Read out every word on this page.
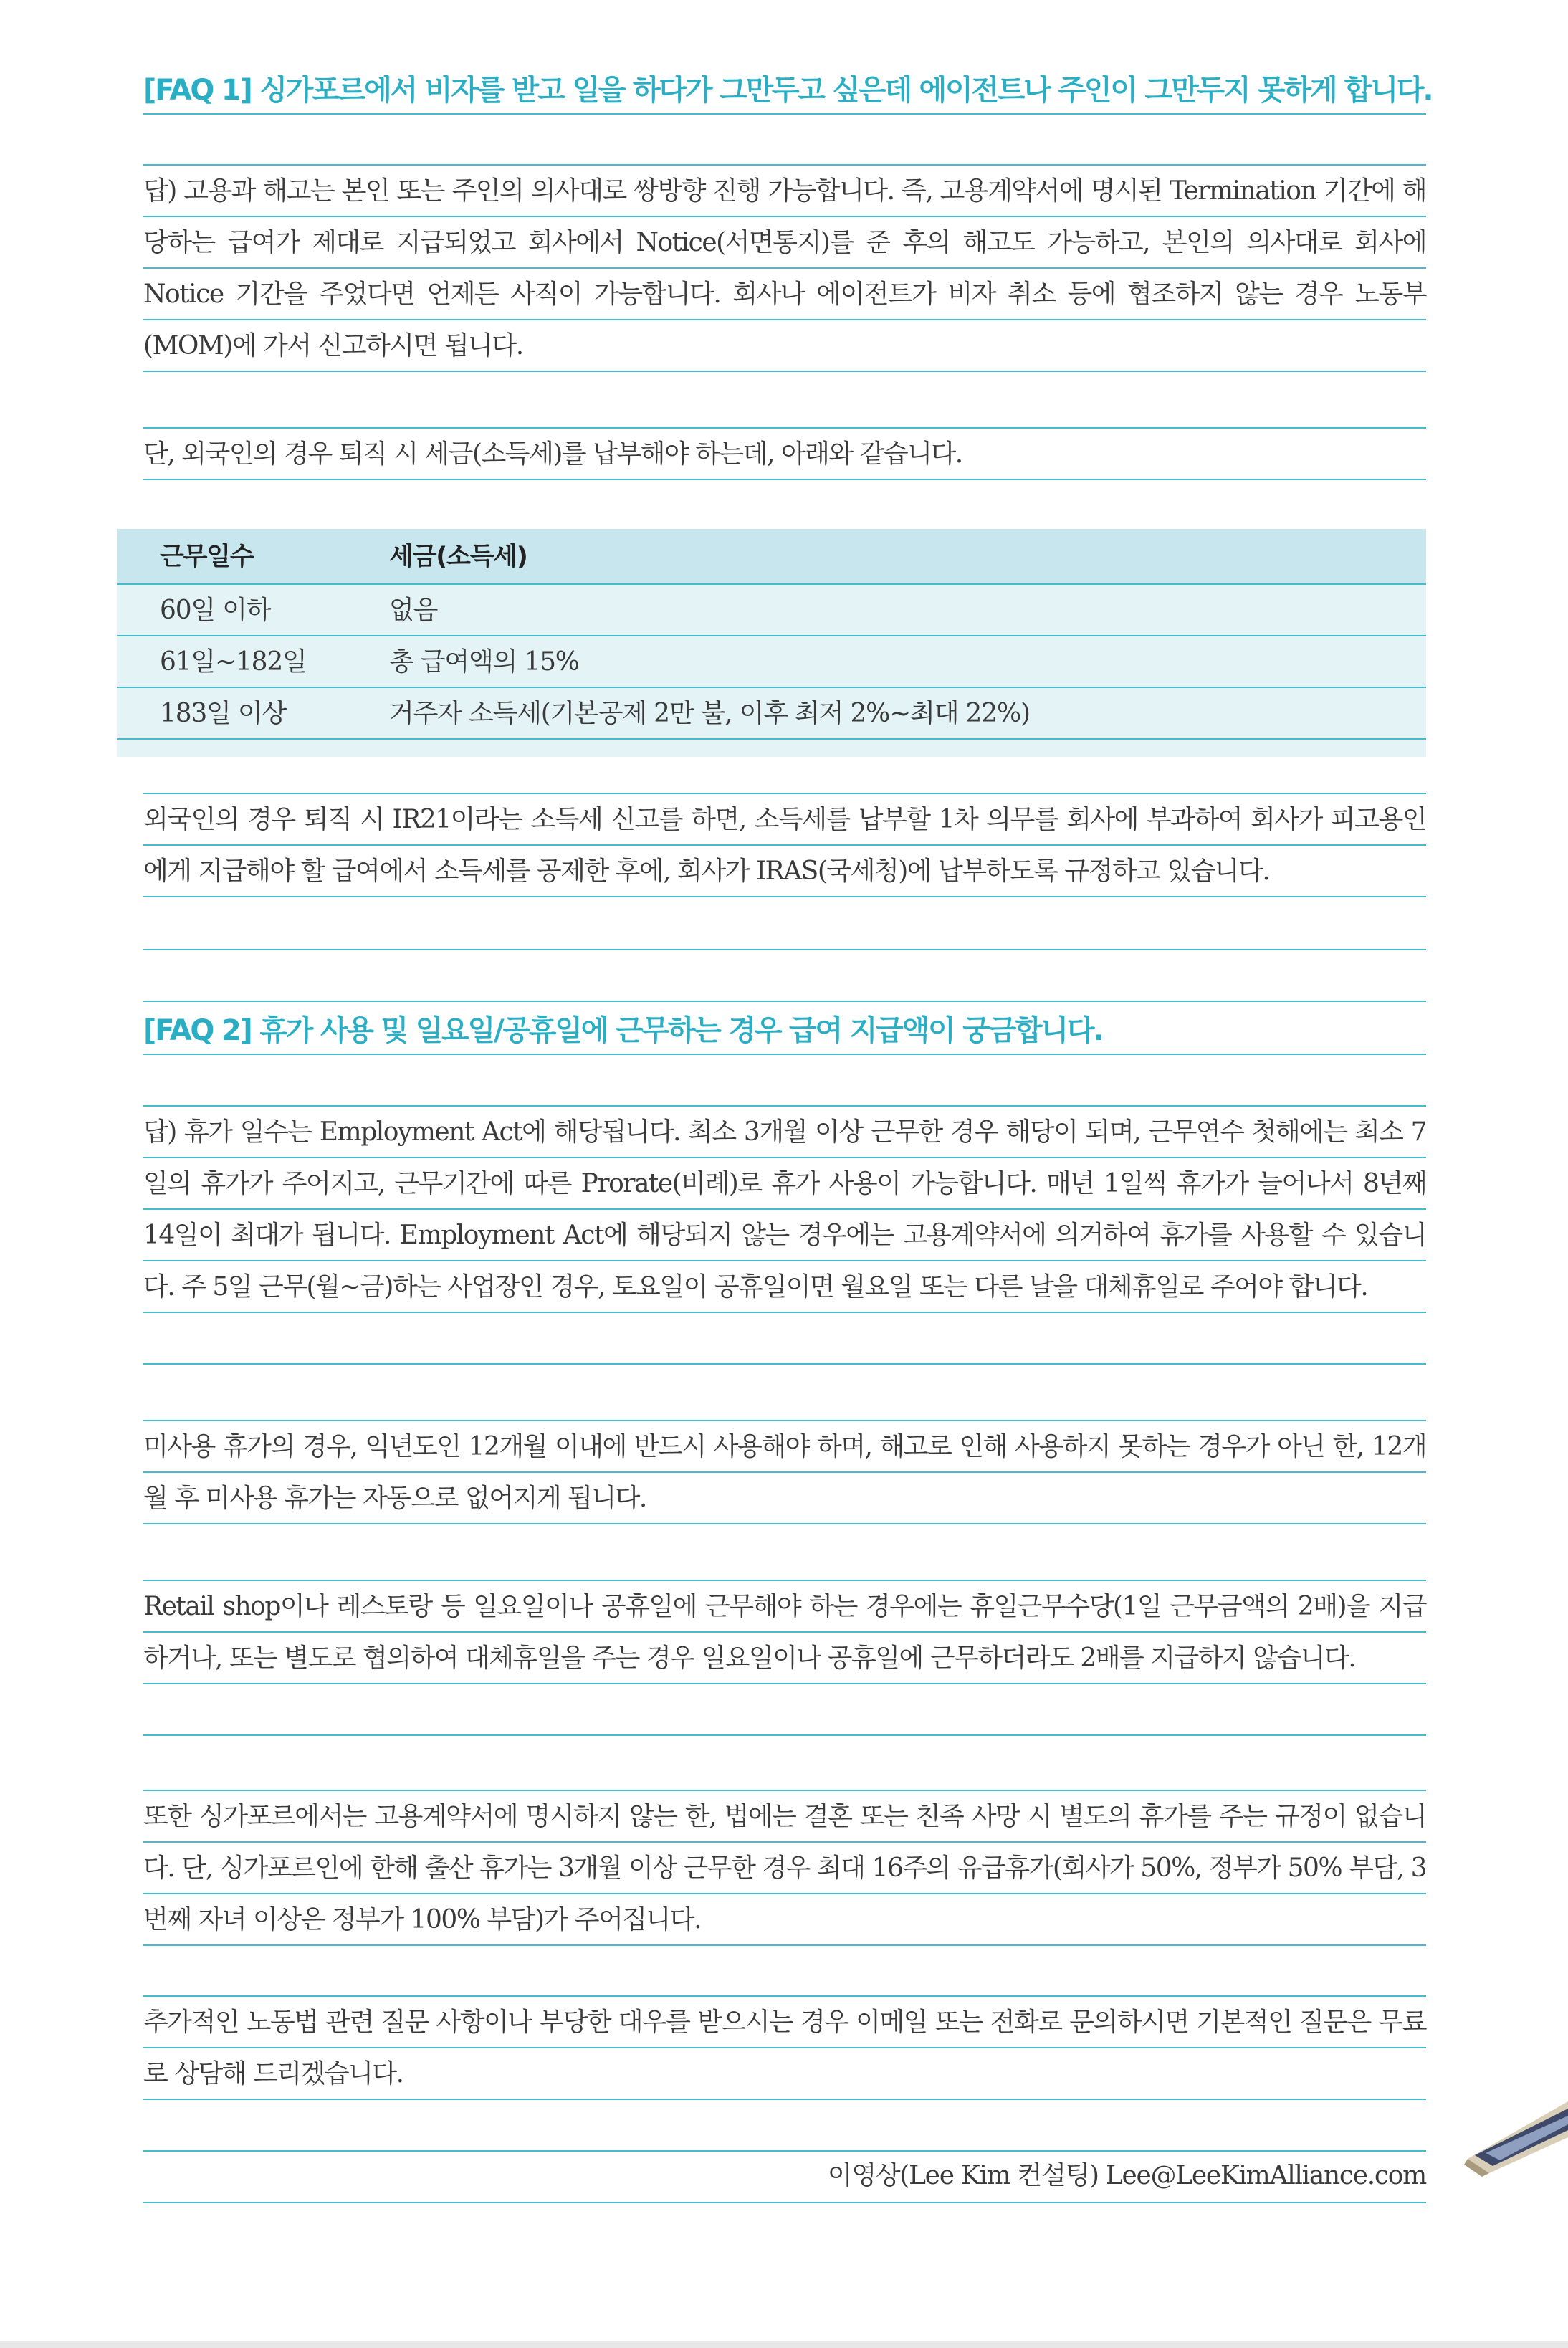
[FAQ 1] 싱가포르에서 비자를 받고 일을 하다가 그만두고 싶은데 에이전트나 주인이 그만두지 못하게 합니다.
답) 고용과 해고는 본인 또는 주인의 의사대로 쌍방향 진행 가능합니다. 즉, 고용계약서에 명시된 Termination 기간에 해당하는 급여가 제대로 지급되었고 회사에서 Notice(서면통지)를 준 후의 해고도 가능하고, 본인의 의사대로 회사에 Notice 기간을 주었다면 언제든 사직이 가능합니다. 회사나 에이전트가 비자 취소 등에 협조하지 않는 경우 노동부(MOM)에 가서 신고하시면 됩니다.
단, 외국인의 경우 퇴직 시 세금(소득세)를 납부해야 하는데, 아래와 같습니다.
근무일수	세금(소득세)
60일 이하	없음
61일~182일	총 급여액의 15%
183일 이상	거주자 소득세(기본공제 2만 불, 이후 최저 2%~최대 22%)
외국인의 경우 퇴직 시 IR21이라는 소득세 신고를 하면, 소득세를 납부할 1차 의무를 회사에 부과하여 회사가 피고용인에게 지급해야 할 급여에서 소득세를 공제한 후에, 회사가 IRAS(국세청)에 납부하도록 규정하고 있습니다.
[FAQ 2] 휴가 사용 및 일요일/공휴일에 근무하는 경우 급여 지급액이 궁금합니다.
답) 휴가 일수는 Employment Act에 해당됩니다. 최소 3개월 이상 근무한 경우 해당이 되며, 근무연수 첫해에는 최소 7일의 휴가가 주어지고, 근무기간에 따른 Prorate(비례)로 휴가 사용이 가능합니다. 매년 1일씩 휴가가 늘어나서 8년째 14일이 최대가 됩니다. Employment Act에 해당되지 않는 경우에는 고용계약서에 의거하여 휴가를 사용할 수 있습니다. 주 5일 근무(월~금)하는 사업장인 경우, 토요일이 공휴일이면 월요일 또는 다른 날을 대체휴일로 주어야 합니다.
미사용 휴가의 경우, 익년도인 12개월 이내에 반드시 사용해야 하며, 해고로 인해 사용하지 못하는 경우가 아닌 한, 12개월 후 미사용 휴가는 자동으로 없어지게 됩니다.
Retail shop이나 레스토랑 등 일요일이나 공휴일에 근무해야 하는 경우에는 휴일근무수당(1일 근무금액의 2배)을 지급하거나, 또는 별도로 협의하여 대체휴일을 주는 경우 일요일이나 공휴일에 근무하더라도 2배를 지급하지 않습니다.
또한 싱가포르에서는 고용계약서에 명시하지 않는 한, 법에는 결혼 또는 친족 사망 시 별도의 휴가를 주는 규정이 없습니다. 단, 싱가포르인에 한해 출산 휴가는 3개월 이상 근무한 경우 최대 16주의 유급휴가(회사가 50%, 정부가 50% 부담, 3번째 자녀 이상은 정부가 100% 부담)가 주어집니다.
추가적인 노동법 관련 질문 사항이나 부당한 대우를 받으시는 경우 이메일 또는 전화로 문의하시면 기본적인 질문은 무료로 상담해 드리겠습니다.
이영상(Lee Kim 컨설팅) Lee@LeeKimAlliance.com
